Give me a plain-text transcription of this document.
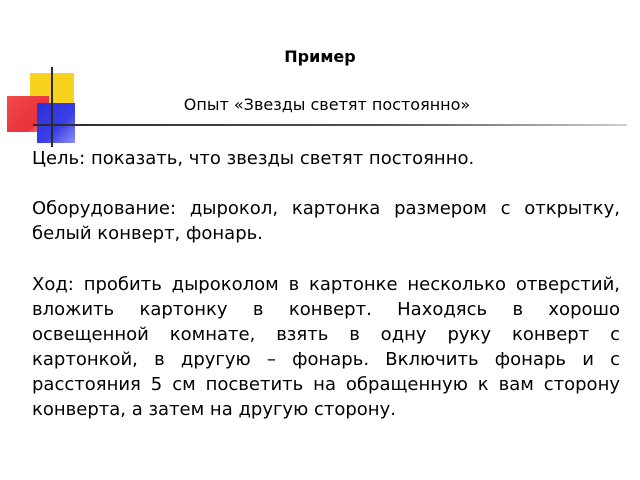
Пример
Опыт «Звезды светят постоянно»

Цель: показать, что звезды светят постоянно.

Оборудование: дырокол, картонка размером с открытку, белый конверт, фонарь.

Ход: пробить дыроколом в картонке несколько отверстий, вложить картонку в конверт. Находясь в хорошо освещенной комнате, взять в одну руку конверт с картонкой, в другую – фонарь. Включить фонарь и с расстояния 5 см посветить на обращенную к вам сторону конверта, а затем на другую сторону.
